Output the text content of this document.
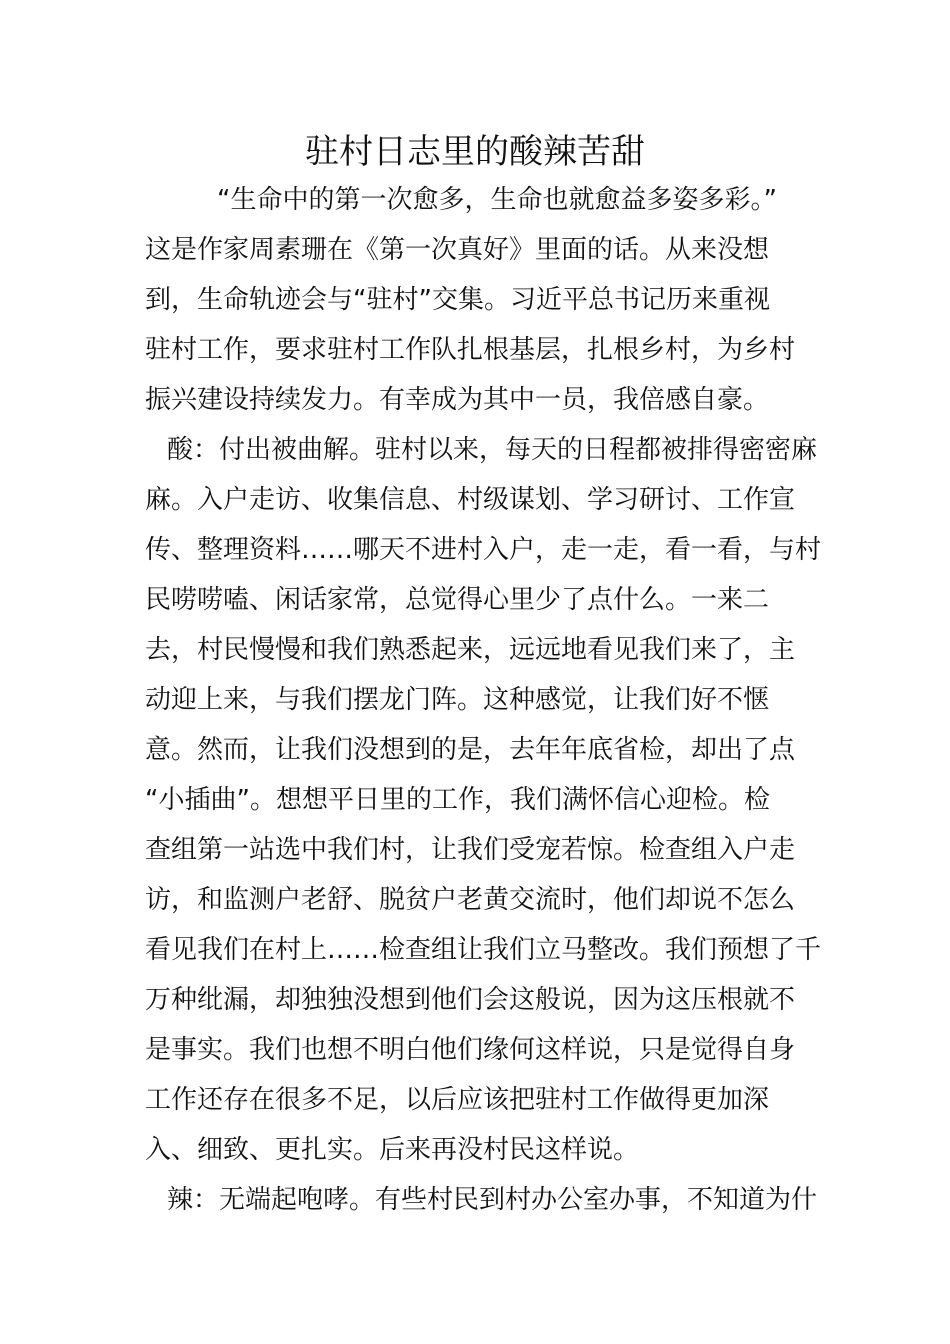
驻村日志里的酸辣苦甜
“生命中的第一次愈多，生命也就愈益多姿多彩。”
这是作家周素珊在《第一次真好》里面的话。从来没想
到，生命轨迹会与“驻村”交集。习近平总书记历来重视
驻村工作，要求驻村工作队扎根基层，扎根乡村，为乡村
振兴建设持续发力。有幸成为其中一员，我倍感自豪。
酸：付出被曲解。驻村以来，每天的日程都被排得密密麻
麻。入户走访、收集信息、村级谋划、学习研讨、工作宣
传、整理资料……哪天不进村入户，走一走，看一看，与村
民唠唠嗑、闲话家常，总觉得心里少了点什么。一来二
去，村民慢慢和我们熟悉起来，远远地看见我们来了，主
动迎上来，与我们摆龙门阵。这种感觉，让我们好不惬
意。然而，让我们没想到的是，去年年底省检，却出了点
“小插曲”。想想平日里的工作，我们满怀信心迎检。检
查组第一站选中我们村，让我们受宠若惊。检查组入户走
访，和监测户老舒、脱贫户老黄交流时，他们却说不怎么
看见我们在村上……检查组让我们立马整改。我们预想了千
万种纰漏，却独独没想到他们会这般说，因为这压根就不
是事实。我们也想不明白他们缘何这样说，只是觉得自身
工作还存在很多不足，以后应该把驻村工作做得更加深
入、细致、更扎实。后来再没村民这样说。
辣：无端起咆哮。有些村民到村办公室办事，不知道为什
